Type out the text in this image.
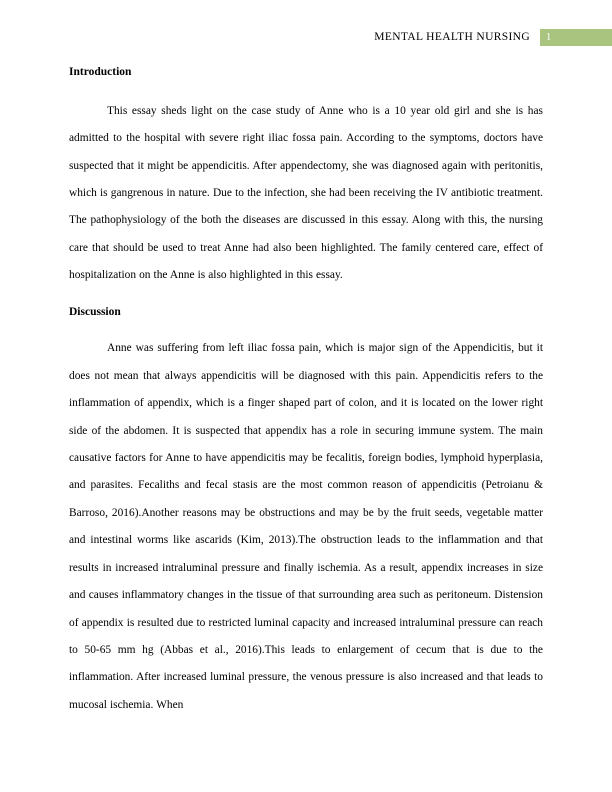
MENTAL HEALTH NURSING	1
Introduction

This essay sheds light on the case study of Anne who is a 10 year old girl and she is has admitted to the hospital with severe right iliac fossa pain. According to the symptoms, doctors have suspected that it might be appendicitis. After appendectomy, she was diagnosed again with peritonitis, which is gangrenous in nature. Due to the infection, she had been receiving the IV antibiotic treatment. The pathophysiology of the both the diseases are discussed in this essay. Along with this, the nursing care that should be used to treat Anne had also been highlighted. The family centered care, effect of hospitalization on the Anne is also highlighted in this essay.

Discussion

Anne was suffering from left iliac fossa pain, which is major sign of the Appendicitis, but it does not mean that always appendicitis will be diagnosed with this pain. Appendicitis refers to the inflammation of appendix, which is a finger shaped part of colon, and it is located on the lower right side of the abdomen. It is suspected that appendix has a role in securing immune system. The main causative factors for Anne to have appendicitis may be fecalitis, foreign bodies, lymphoid hyperplasia, and parasites. Fecaliths and fecal stasis are the most common reason of appendicitis (Petroianu & Barroso, 2016).Another reasons may be obstructions and may be by the fruit seeds, vegetable matter and intestinal worms like ascarids (Kim, 2013).The obstruction leads to the inflammation and that results in increased intraluminal pressure and finally ischemia. As a result, appendix increases in size and causes inflammatory changes in the tissue of that surrounding area such as peritoneum. Distension of appendix is resulted due to restricted luminal capacity and increased intraluminal pressure can reach to 50-65 mm hg (Abbas et al., 2016).This leads to enlargement of cecum that is due to the inflammation. After increased luminal pressure, the venous pressure is also increased and that leads to mucosal ischemia. When
